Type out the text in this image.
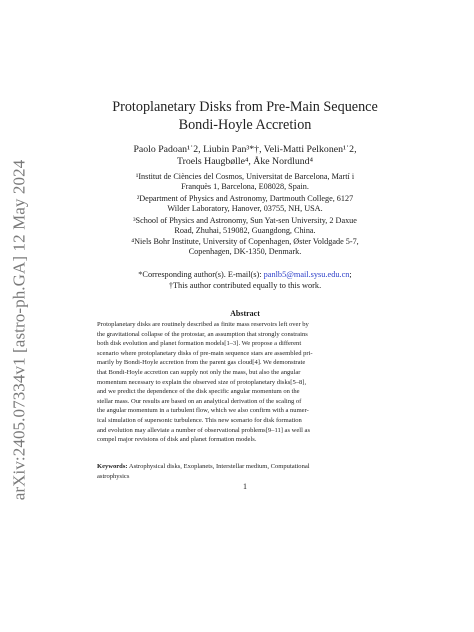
arXiv:2405.07334v1 [astro-ph.GA] 12 May 2024
Protoplanetary Disks from Pre-Main Sequence
Bondi-Hoyle Accretion
Paolo Padoan¹˙2, Liubin Pan³*†, Veli-Matti Pelkonen¹˙2,
Troels Haugbølle⁴, Åke Nordlund⁴
¹Institut de Ciències del Cosmos, Universitat de Barcelona, Martí i
Franquès 1, Barcelona, E08028, Spain.
²Department of Physics and Astronomy, Dartmouth College, 6127
Wilder Laboratory, Hanover, 03755, NH, USA.
³School of Physics and Astronomy, Sun Yat-sen University, 2 Daxue
Road, Zhuhai, 519082, Guangdong, China.
⁴Niels Bohr Institute, University of Copenhagen, Øster Voldgade 5-7,
Copenhagen, DK-1350, Denmark.
*Corresponding author(s). E-mail(s): panlb5@mail.sysu.edu.cn;
†This author contributed equally to this work.
Abstract
Protoplanetary disks are routinely described as finite mass reservoirs left over by
the gravitational collapse of the protostar, an assumption that strongly constrains
both disk evolution and planet formation models[1–3]. We propose a different
scenario where protoplanetary disks of pre-main sequence stars are assembled pri-
marily by Bondi-Hoyle accretion from the parent gas cloud[4]. We demonstrate
that Bondi-Hoyle accretion can supply not only the mass, but also the angular
momentum necessary to explain the observed size of protoplanetary disks[5–8],
and we predict the dependence of the disk specific angular momentum on the
stellar mass. Our results are based on an analytical derivation of the scaling of
the angular momentum in a turbulent flow, which we also confirm with a numer-
ical simulation of supersonic turbulence. This new scenario for disk formation
and evolution may alleviate a number of observational problems[9–11] as well as
compel major revisions of disk and planet formation models.
Keywords: Astrophysical disks, Exoplanets, Interstellar medium, Computational
astrophysics
1
